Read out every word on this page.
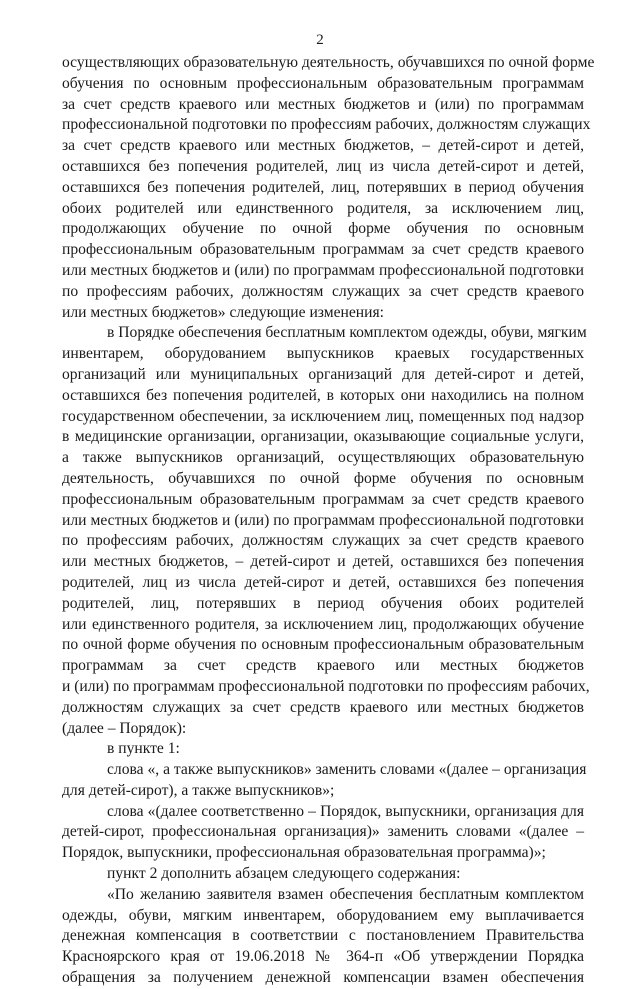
2
осуществляющих образовательную деятельность, обучавшихся по очной форме
обучения по основным профессиональным образовательным программам
за счет средств краевого или местных бюджетов и (или) по программам
профессиональной подготовки по профессиям рабочих, должностям служащих
за счет средств краевого или местных бюджетов, – детей-сирот и детей,
оставшихся без попечения родителей, лиц из числа детей-сирот и детей,
оставшихся без попечения родителей, лиц, потерявших в период обучения
обоих родителей или единственного родителя, за исключением лиц,
продолжающих обучение по очной форме обучения по основным
профессиональным образовательным программам за счет средств краевого
или местных бюджетов и (или) по программам профессиональной подготовки
по профессиям рабочих, должностям служащих за счет средств краевого
или местных бюджетов» следующие изменения:
в Порядке обеспечения бесплатным комплектом одежды, обуви, мягким
инвентарем, оборудованием выпускников краевых государственных
организаций или муниципальных организаций для детей-сирот и детей,
оставшихся без попечения родителей, в которых они находились на полном
государственном обеспечении, за исключением лиц, помещенных под надзор
в медицинские организации, организации, оказывающие социальные услуги,
а также выпускников организаций, осуществляющих образовательную
деятельность, обучавшихся по очной форме обучения по основным
профессиональным образовательным программам за счет средств краевого
или местных бюджетов и (или) по программам профессиональной подготовки
по профессиям рабочих, должностям служащих за счет средств краевого
или местных бюджетов, – детей-сирот и детей, оставшихся без попечения
родителей, лиц из числа детей-сирот и детей, оставшихся без попечения
родителей, лиц, потерявших в период обучения обоих родителей
или единственного родителя, за исключением лиц, продолжающих обучение
по очной форме обучения по основным профессиональным образовательным
программам за счет средств краевого или местных бюджетов
и (или) по программам профессиональной подготовки по профессиям рабочих,
должностям служащих за счет средств краевого или местных бюджетов
(далее – Порядок):
в пункте 1:
слова «, а также выпускников» заменить словами «(далее – организация
для детей-сирот), а также выпускников»;
слова «(далее соответственно – Порядок, выпускники, организация для
детей-сирот, профессиональная организация)» заменить словами «(далее –
Порядок, выпускники, профессиональная образовательная программа)»;
пункт 2 дополнить абзацем следующего содержания:
«По желанию заявителя взамен обеспечения бесплатным комплектом
одежды, обуви, мягким инвентарем, оборудованием ему выплачивается
денежная компенсация в соответствии с постановлением Правительства
Красноярского края от 19.06.2018 № 364-п «Об утверждении Порядка
обращения за получением денежной компенсации взамен обеспечения
